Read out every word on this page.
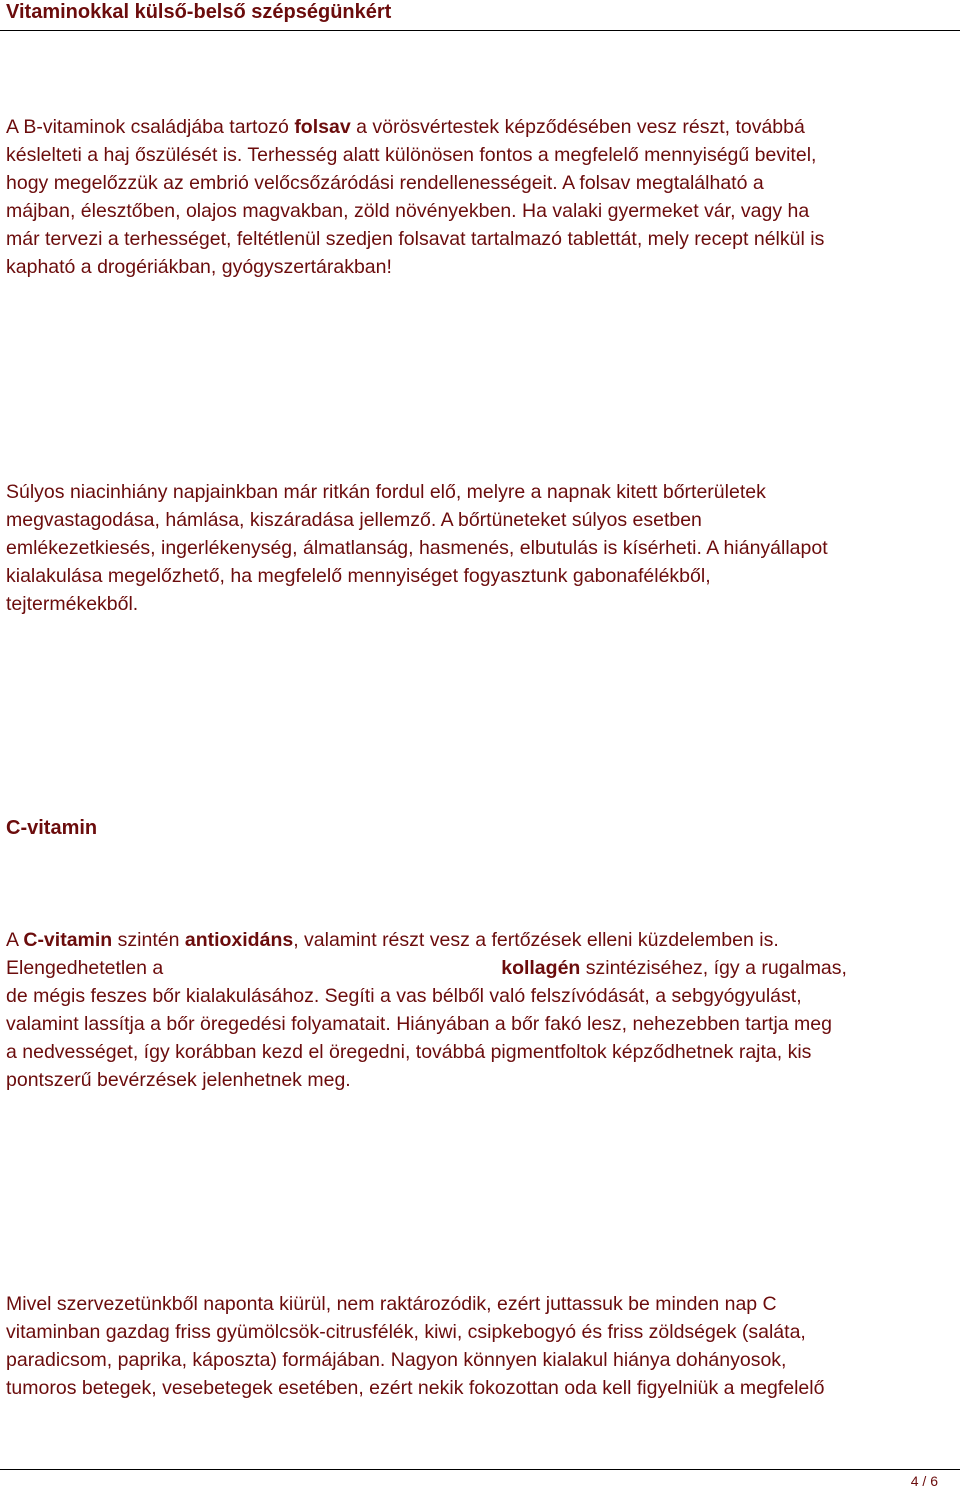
Vitaminokkal külső-belső szépségünkért

A B-vitaminok családjába tartozó folsav a vörösvértestek képződésében vesz részt, továbbá
késlelteti a haj őszülését is. Terhesség alatt különösen fontos a megfelelő mennyiségű bevitel,
hogy megelőzzük az embrió velőcsőzáródási rendellenességeit. A folsav megtalálható a
májban, élesztőben, olajos magvakban, zöld növényekben. Ha valaki gyermeket vár, vagy ha
már tervezi a terhességet, feltétlenül szedjen folsavat tartalmazó tablettát, mely recept nélkül is
kapható a drogériákban, gyógyszertárakban!

Súlyos niacinhiány napjainkban már ritkán fordul elő, melyre a napnak kitett bőrterületek
megvastagodása, hámlása, kiszáradása jellemző. A bőrtüneteket súlyos esetben
emlékezetkiesés, ingerlékenység, álmatlanság, hasmenés, elbutulás is kísérheti. A hiányállapot
kialakulása megelőzhető, ha megfelelő mennyiséget fogyasztunk gabonafélékből,
tejtermékekből.

C-vitamin

A C-vitamin szintén antioxidáns, valamint részt vesz a fertőzések elleni küzdelemben is.
Elengedhetetlen a	kollagén szintéziséhez, így a rugalmas,
de mégis feszes bőr kialakulásához. Segíti a vas bélből való felszívódását, a sebgyógyulást,
valamint lassítja a bőr öregedési folyamatait. Hiányában a bőr fakó lesz, nehezebben tartja meg
a nedvességet, így korábban kezd el öregedni, továbbá pigmentfoltok képződhetnek rajta, kis
pontszerű bevérzések jelenhetnek meg.

Mivel szervezetünkből naponta kiürül, nem raktározódik, ezért juttassuk be minden nap C
vitaminban gazdag friss gyümölcsök-citrusfélék, kiwi, csipkebogyó és friss zöldségek (saláta,
paradicsom, paprika, káposzta) formájában. Nagyon könnyen kialakul hiánya dohányosok,
tumoros betegek, vesebetegek esetében, ezért nekik fokozottan oda kell figyelniük a megfelelő

4 / 6
